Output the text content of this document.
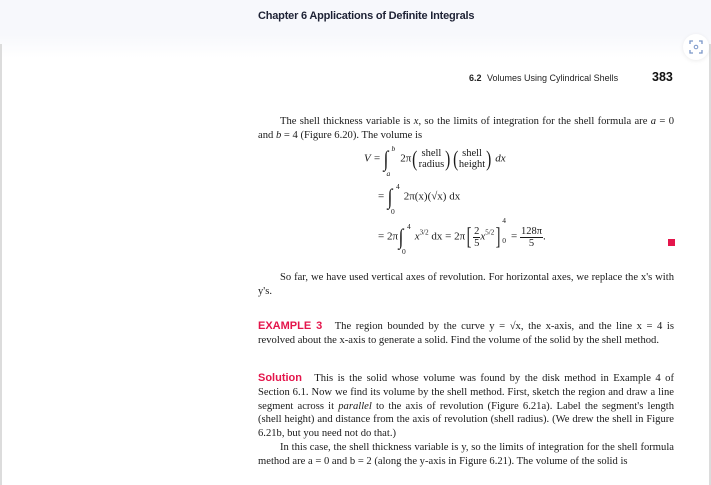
Chapter 6 Applications of Definite Integrals
6.2 Volumes Using Cylindrical Shells	383
The shell thickness variable is x, so the limits of integration for the shell formula are a = 0 and b = 4 (Figure 6.20). The volume is
V = ∫ b
a
2π( shell
radius )( shell
height ) dx
= ∫ 4
0
2π(x)(√x) dx
= 2π∫ 4
0
$x^{3/2}$ dx = $2\pi[ \frac{2}{5} x^{5/2}]$
4
$0 = \frac{128\pi}{5}$ .
So far, we have used vertical axes of revolution. For horizontal axes, we replace the x's with y's.
EXAMPLE 3 The region bounded by the curve y = √x, the x-axis, and the line x = 4 is revolved about the x-axis to generate a solid. Find the volume of the solid by the shell method.
Solution This is the solid whose volume was found by the disk method in Example 4 of Section 6.1. Now we find its volume by the shell method. First, sketch the region and draw a line segment across it parallel to the axis of revolution (Figure 6.21a). Label the segment's length (shell height) and distance from the axis of revolution (shell radius). (We drew the shell in Figure 6.21b, but you need not do that.)
In this case, the shell thickness variable is y, so the limits of integration for the shell formula method are a = 0 and b = 2 (along the y-axis in Figure 6.21). The volume of the solid is
